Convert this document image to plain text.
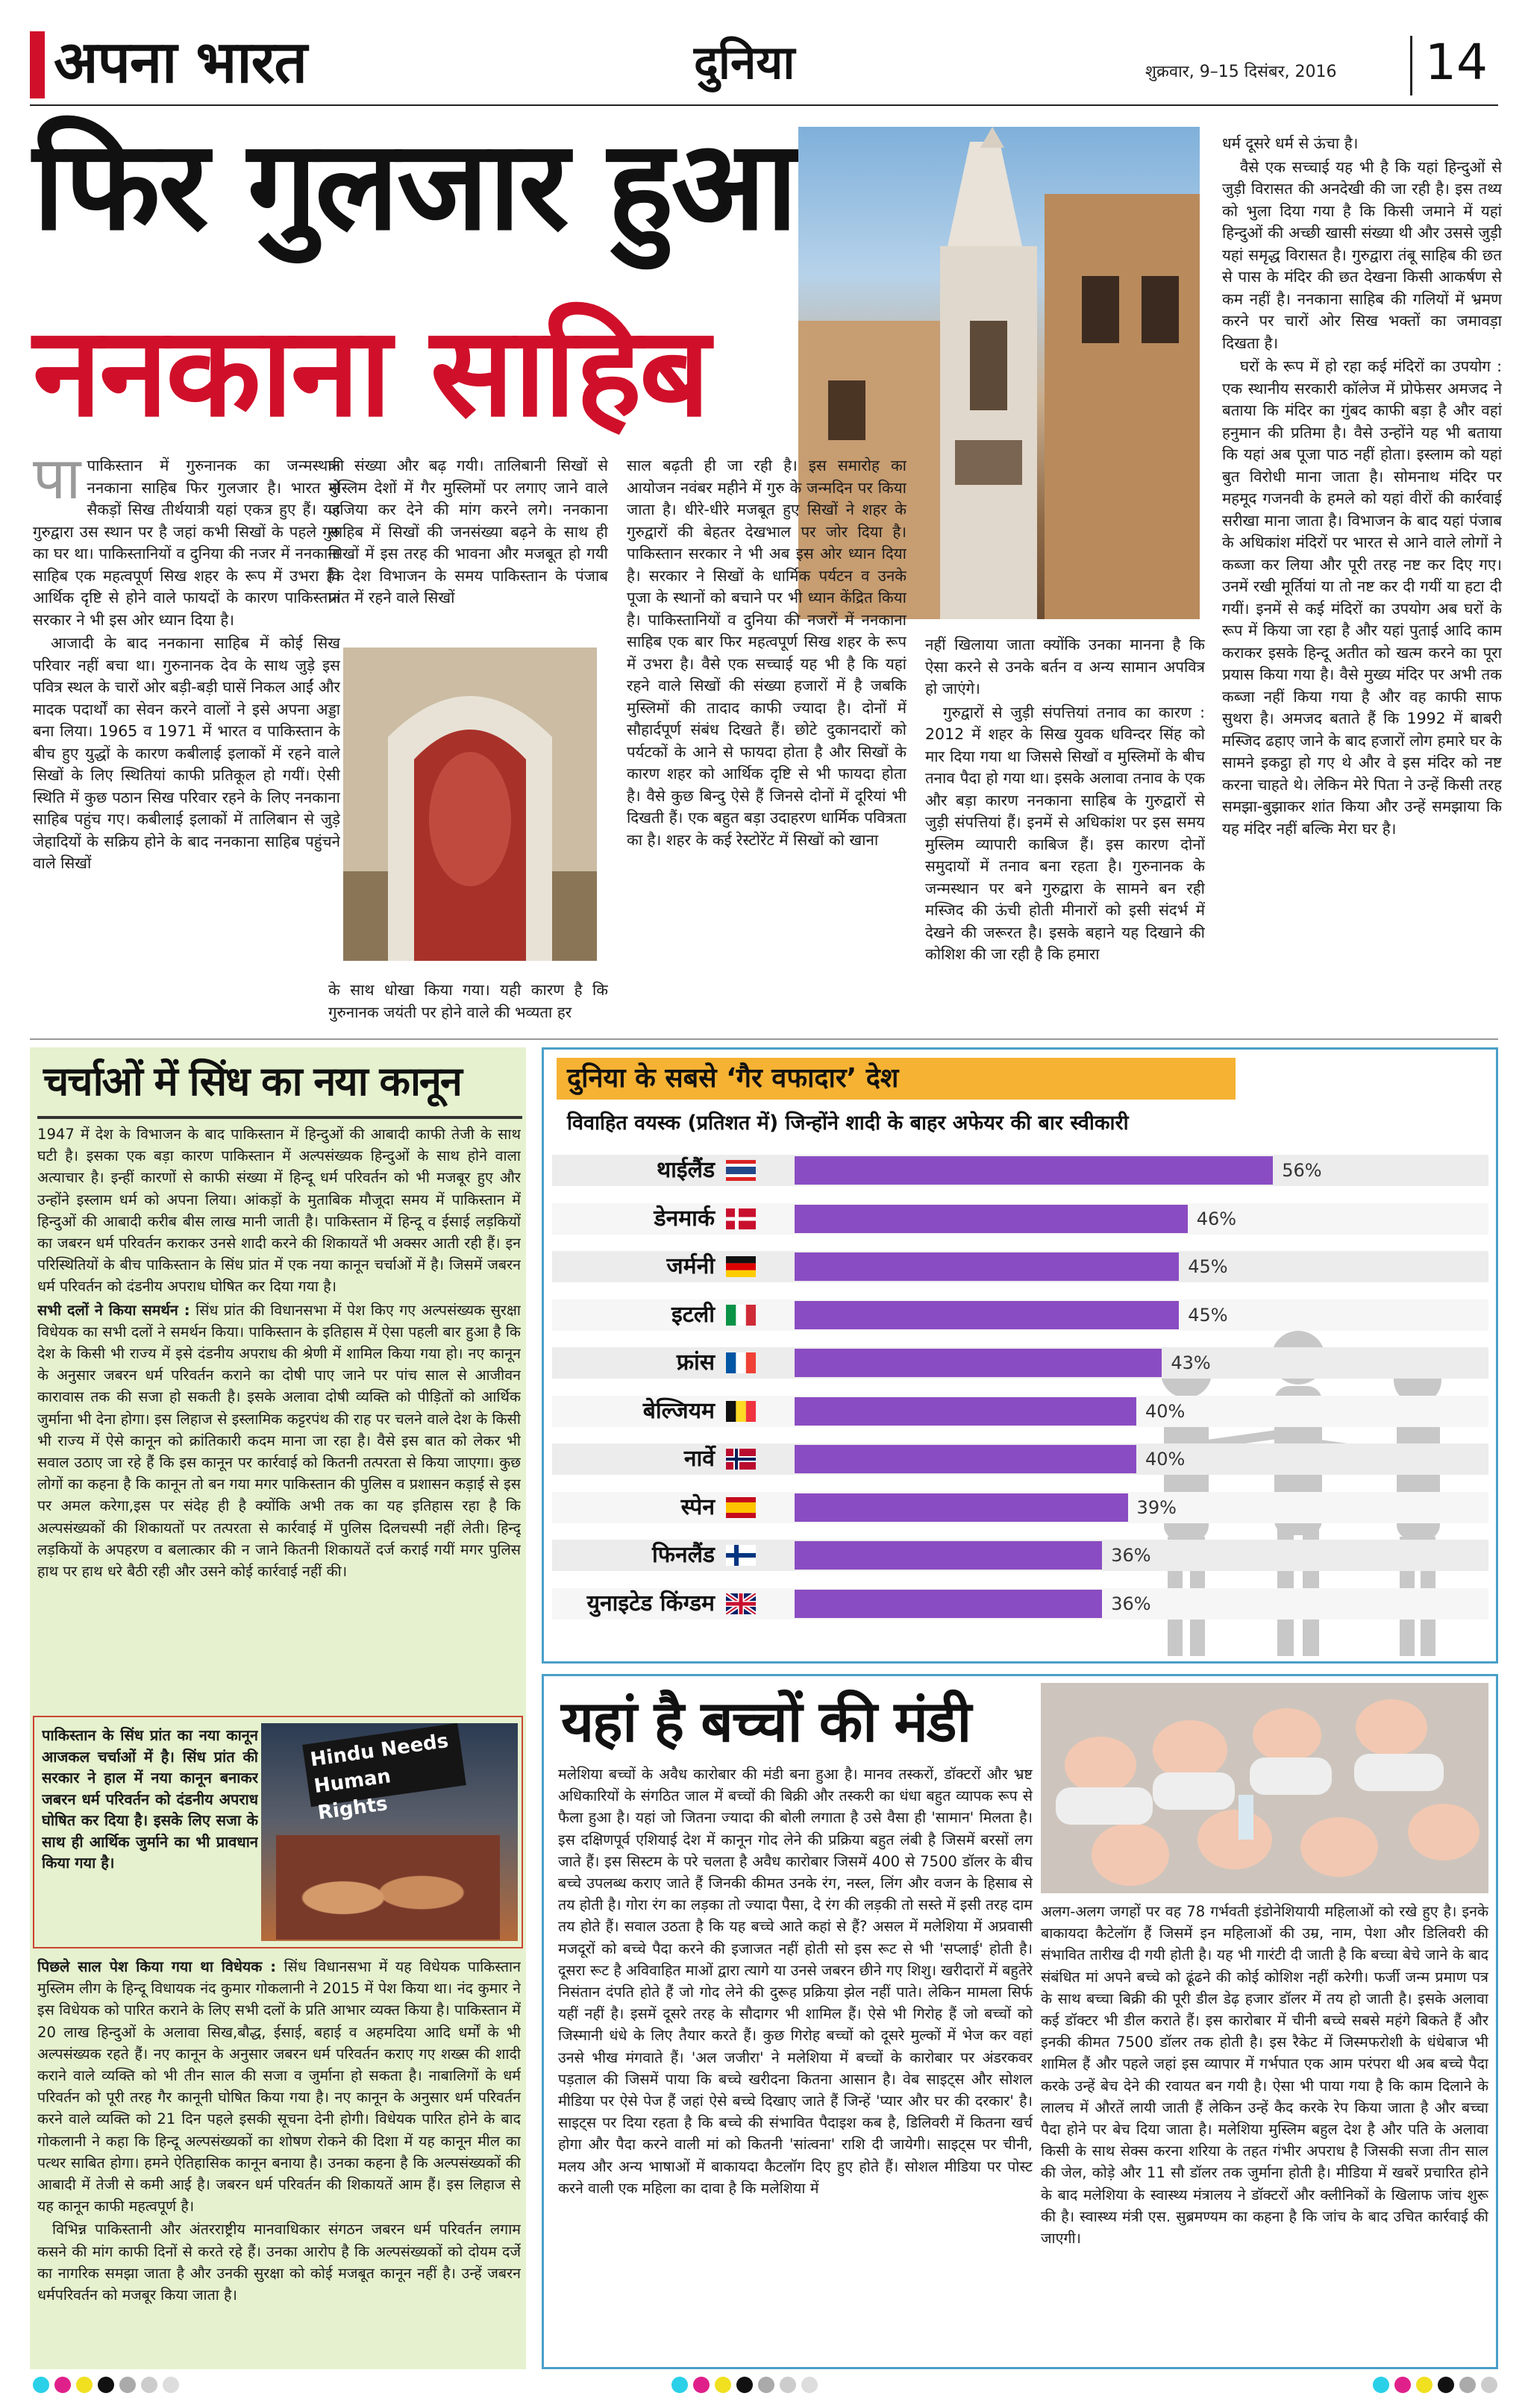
अपना भारत	दुनिया	शुक्रवार, 9–15 दिसंबर, 2016 14
फिर गुलजार हुआ
ननकाना साहिब

पापाकिस्तान में गुरुनानक का जन्मस्थान ननकाना साहिब फिर गुलजार है। भारत से सैकड़ों सिख तीर्थयात्री यहां एकत्र हुए हैं। यह गुरुद्वारा उस स्थान पर है जहां कभी सिखों के पहले गुरु का घर था। पाकिस्तानियों व दुनिया की नजर में ननकाना साहिब एक महत्वपूर्ण सिख शहर के रूप में उभरा है। आर्थिक दृष्टि से होने वाले फायदों के कारण पाकिस्तान सरकार ने भी इस ओर ध्यान दिया है।

आजादी के बाद ननकाना साहिब में कोई सिख परिवार नहीं बचा था। गुरुनानक देव के साथ जुड़े इस पवित्र स्थल के चारों ओर बड़ी-बड़ी घासें निकल आईं और मादक पदार्थों का सेवन करने वालों ने इसे अपना अड्डा बना लिया। 1965 व 1971 में भारत व पाकिस्तान के बीच हुए युद्धों के कारण कबीलाई इलाकों में रहने वाले सिखों के लिए स्थितियां काफी प्रतिकूल हो गयीं। ऐसी स्थिति में कुछ पठान सिख परिवार रहने के लिए ननकाना साहिब पहुंच गए। कबीलाई इलाकों में तालिबान से जुड़े जेहादियों के सक्रिय होने के बाद ननकाना साहिब पहुंचने वाले सिखों

की संख्या और बढ़ गयी। तालिबानी सिखों से मुस्लिम देशों में गैर मुस्लिमों पर लगाए जाने वाले जजिया कर देने की मांग करने लगे। ननकाना साहिब में सिखों की जनसंख्या बढ़ने के साथ ही सिखों में इस तरह की भावना और मजबूत हो गयी कि देश विभाजन के समय पाकिस्तान के पंजाब प्रांत में रहने वाले सिखों
के साथ धोखा किया गया। यही कारण है कि गुरुनानक जयंती पर होने वाले की भव्यता हर
साल बढ़ती ही जा रही है। इस समारोह का आयोजन नवंबर महीने में गुरु के जन्मदिन पर किया जाता है। धीरे-धीरे मजबूत हुए सिखों ने शहर के गुरुद्वारों की बेहतर देखभाल पर जोर दिया है। पाकिस्तान सरकार ने भी अब इस ओर ध्यान दिया है। सरकार ने सिखों के धार्मिक पर्यटन व उनके पूजा के स्थानों को बचाने पर भी ध्यान केंद्रित किया है। पाकिस्तानियों व दुनिया की नजरों में ननकाना साहिब एक बार फिर महत्वपूर्ण सिख शहर के रूप में उभरा है। वैसे एक सच्चाई यह भी है कि यहां रहने वाले सिखों की संख्या हजारों में है जबकि मुस्लिमों की तादाद काफी ज्यादा है। दोनों में सौहार्दपूर्ण संबंध दिखते हैं। छोटे दुकानदारों को पर्यटकों के आने से फायदा होता है और सिखों के कारण शहर को आर्थिक दृष्टि से भी फायदा होता है। वैसे कुछ बिन्दु ऐसे हैं जिनसे दोनों में दूरियां भी दिखती हैं। एक बहुत बड़ा उदाहरण धार्मिक पवित्रता का है। शहर के कई रेस्टोरेंट में सिखों को खाना

नहीं खिलाया जाता क्योंकि उनका मानना है कि ऐसा करने से उनके बर्तन व अन्य सामान अपवित्र हो जाएंगे।

गुरुद्वारों से जुड़ी संपत्तियां तनाव का कारण : 2012 में शहर के सिख युवक धविन्दर सिंह को मार दिया गया था जिससे सिखों व मुस्लिमों के बीच तनाव पैदा हो गया था। इसके अलावा तनाव के एक और बड़ा कारण ननकाना साहिब के गुरुद्वारों से जुड़ी संपत्तियां हैं। इनमें से अधिकांश पर इस समय मुस्लिम व्यापारी काबिज हैं। इस कारण दोनों समुदायों में तनाव बना रहता है। गुरुनानक के जन्मस्थान पर बने गुरुद्वारा के सामने बन रही मस्जिद की ऊंची होती मीनारों को इसी संदर्भ में देखने की जरूरत है। इसके बहाने यह दिखाने की कोशिश की जा रही है कि हमारा

धर्म दूसरे धर्म से ऊंचा है।

वैसे एक सच्चाई यह भी है कि यहां हिन्दुओं से जुड़ी विरासत की अनदेखी की जा रही है। इस तथ्य को भुला दिया गया है कि किसी जमाने में यहां हिन्दुओं की अच्छी खासी संख्या थी और उससे जुड़ी यहां समृद्ध विरासत है। गुरुद्वारा तंबू साहिब की छत से पास के मंदिर की छत देखना किसी आकर्षण से कम नहीं है। ननकाना साहिब की गलियों में भ्रमण करने पर चारों ओर सिख भक्तों का जमावड़ा दिखता है।

घरों के रूप में हो रहा कई मंदिरों का उपयोग : एक स्थानीय सरकारी कॉलेज में प्रोफेसर अमजद ने बताया कि मंदिर का गुंबद काफी बड़ा है और वहां हनुमान की प्रतिमा है। वैसे उन्होंने यह भी बताया कि यहां अब पूजा पाठ नहीं होता। इस्लाम को यहां बुत विरोधी माना जाता है। सोमनाथ मंदिर पर महमूद गजनवी के हमले को यहां वीरों की कार्रवाई सरीखा माना जाता है। विभाजन के बाद यहां पंजाब के अधिकांश मंदिरों पर भारत से आने वाले लोगों ने कब्जा कर लिया और पूरी तरह नष्ट कर दिए गए। उनमें रखी मूर्तियां या तो नष्ट कर दी गयीं या हटा दी गयीं। इनमें से कई मंदिरों का उपयोग अब घरों के रूप में किया जा रहा है और यहां पुताई आदि काम कराकर इसके हिन्दू अतीत को खत्म करने का पूरा प्रयास किया गया है। वैसे मुख्य मंदिर पर अभी तक कब्जा नहीं किया गया है और वह काफी साफ सुथरा है। अमजद बताते हैं कि 1992 में बाबरी मस्जिद ढहाए जाने के बाद हजारों लोग हमारे घर के सामने इकट्ठा हो गए थे और वे इस मंदिर को नष्ट करना चाहते थे। लेकिन मेरे पिता ने उन्हें किसी तरह समझा-बुझाकर शांत किया और उन्हें समझाया कि यह मंदिर नहीं बल्कि मेरा घर है।

चर्चाओं में सिंध का नया कानून

1947 में देश के विभाजन के बाद पाकिस्तान में हिन्दुओं की आबादी काफी तेजी के साथ घटी है। इसका एक बड़ा कारण पाकिस्तान में अल्पसंख्यक हिन्दुओं के साथ होने वाला अत्याचार है। इन्हीं कारणों से काफी संख्या में हिन्दू धर्म परिवर्तन को भी मजबूर हुए और उन्होंने इस्लाम धर्म को अपना लिया। आंकड़ों के मुताबिक मौजूदा समय में पाकिस्तान में हिन्दुओं की आबादी करीब बीस लाख मानी जाती है। पाकिस्तान में हिन्दू व ईसाई लड़कियों का जबरन धर्म परिवर्तन कराकर उनसे शादी करने की शिकायतें भी अक्सर आती रही हैं। इन परिस्थितियों के बीच पाकिस्तान के सिंध प्रांत में एक नया कानून चर्चाओं में है। जिसमें जबरन धर्म परिवर्तन को दंडनीय अपराध घोषित कर दिया गया है।

सभी दलों ने किया समर्थन : सिंध प्रांत की विधानसभा में पेश किए गए अल्पसंख्यक सुरक्षा विधेयक का सभी दलों ने समर्थन किया। पाकिस्तान के इतिहास में ऐसा पहली बार हुआ है कि देश के किसी भी राज्य में इसे दंडनीय अपराध की श्रेणी में शामिल किया गया हो। नए कानून के अनुसार जबरन धर्म परिवर्तन कराने का दोषी पाए जाने पर पांच साल से आजीवन कारावास तक की सजा हो सकती है। इसके अलावा दोषी व्यक्ति को पीड़ितों को आर्थिक जुर्माना भी देना होगा। इस लिहाज से इस्लामिक कट्टरपंथ की राह पर चलने वाले देश के किसी भी राज्य में ऐसे कानून को क्रांतिकारी कदम माना जा रहा है। वैसे इस बात को लेकर भी सवाल उठाए जा रहे हैं कि इस कानून पर कार्रवाई को कितनी तत्परता से किया जाएगा। कुछ लोगों का कहना है कि कानून तो बन गया मगर पाकिस्तान की पुलिस व प्रशासन कड़ाई से इस पर अमल करेगा,इस पर संदेह ही है क्योंकि अभी तक का यह इतिहास रहा है कि अल्पसंख्यकों की शिकायतों पर तत्परता से कार्रवाई में पुलिस दिलचस्पी नहीं लेती। हिन्दू लड़कियों के अपहरण व बलात्कार की न जाने कितनी शिकायतें दर्ज कराई गयीं मगर पुलिस हाथ पर हाथ धरे बैठी रही और उसने कोई कार्रवाई नहीं की।

पाकिस्तान के सिंध प्रांत का नया कानून आजकल चर्चाओं में है। सिंध प्रांत की सरकार ने हाल में नया कानून बनाकर जबरन धर्म परिवर्तन को दंडनीय अपराध घोषित कर दिया है। इसके लिए सजा के साथ ही आर्थिक जुर्माने का भी प्रावधान किया गया है।
Hindu Needs
Human Rights

पिछले साल पेश किया गया था विधेयक : सिंध विधानसभा में यह विधेयक पाकिस्तान मुस्लिम लीग के हिन्दू विधायक नंद कुमार गोकलानी ने 2015 में पेश किया था। नंद कुमार ने इस विधेयक को पारित कराने के लिए सभी दलों के प्रति आभार व्यक्त किया है। पाकिस्तान में 20 लाख हिन्दुओं के अलावा सिख,बौद्ध, ईसाई, बहाई व अहमदिया आदि धर्मों के भी अल्पसंख्यक रहते हैं। नए कानून के अनुसार जबरन धर्म परिवर्तन कराए गए शख्स की शादी कराने वाले व्यक्ति को भी तीन साल की सजा व जुर्माना हो सकता है। नाबालिगों के धर्म परिवर्तन को पूरी तरह गैर कानूनी घोषित किया गया है। नए कानून के अनुसार धर्म परिवर्तन करने वाले व्यक्ति को 21 दिन पहले इसकी सूचना देनी होगी। विधेयक पारित होने के बाद गोकलानी ने कहा कि हिन्दू अल्पसंख्यकों का शोषण रोकने की दिशा में यह कानून मील का पत्थर साबित होगा। हमने ऐतिहासिक कानून बनाया है। उनका कहना है कि अल्पसंख्यकों की आबादी में तेजी से कमी आई है। जबरन धर्म परिवर्तन की शिकायतें आम हैं। इस लिहाज से यह कानून काफी महत्वपूर्ण है।

विभिन्न पाकिस्तानी और अंतरराष्ट्रीय मानवाधिकार संगठन जबरन धर्म परिवर्तन लगाम कसने की मांग काफी दिनों से करते रहे हैं। उनका आरोप है कि अल्पसंख्यकों को दोयम दर्जे का नागरिक समझा जाता है और उनकी सुरक्षा को कोई मजबूत कानून नहीं है। उन्हें जबरन धर्मपरिवर्तन को मजबूर किया जाता है।

दुनिया के सबसे ‘गैर वफादार’ देश
विवाहित वयस्क (प्रतिशत में) जिन्होंने शादी के बाहर अफेयर की बार स्वीकारी
थाईलैंड	56%
डेनमार्क	46%
जर्मनी	45%
इटली	45%
फ्रांस	43%
बेल्जियम	40%
नार्वे	40%
स्पेन	39%
फिनलैंड	36%
युनाइटेड किंग्डम	36%
यहां है बच्चों की मंडी
मलेशिया बच्चों के अवैध कारोबार की मंडी बना हुआ है। मानव तस्करों, डॉक्टरों और भ्रष्ट अधिकारियों के संगठित जाल में बच्चों की बिक्री और तस्करी का धंधा बहुत व्यापक रूप से फैला हुआ है। यहां जो जितना ज्यादा की बोली लगाता है उसे वैसा ही 'सामान' मिलता है। इस दक्षिणपूर्व एशियाई देश में कानून गोद लेने की प्रक्रिया बहुत लंबी है जिसमें बरसों लग जाते हैं। इस सिस्टम के परे चलता है अवैध कारोबार जिसमें 400 से 7500 डॉलर के बीच बच्चे उपलब्ध कराए जाते हैं जिनकी कीमत उनके रंग, नस्ल, लिंग और वजन के हिसाब से तय होती है। गोरा रंग का लड़का तो ज्यादा पैसा, दे रंग की लड़की तो सस्ते में इसी तरह दाम तय होते हैं। सवाल उठता है कि यह बच्चे आते कहां से हैं? असल में मलेशिया में अप्रवासी मजदूरों को बच्चे पैदा करने की इजाजत नहीं होती सो इस रूट से भी 'सप्लाई' होती है। दूसरा रूट है अविवाहित माओं द्वारा त्यागे या उनसे जबरन छीने गए शिशु। खरीदारों में बहुतेरे निसंतान दंपति होते हैं जो गोद लेने की दुरूह प्रक्रिया झेल नहीं पाते। लेकिन मामला सिर्फ यहीं नहीं है। इसमें दूसरे तरह के सौदागर भी शामिल हैं। ऐसे भी गिरोह हैं जो बच्चों को जिस्मानी धंधे के लिए तैयार करते हैं। कुछ गिरोह बच्चों को दूसरे मुल्कों में भेज कर वहां उनसे भीख मंगवाते हैं। 'अल जजीरा' ने मलेशिया में बच्चों के कारोबार पर अंडरकवर पड़ताल की जिसमें पाया कि बच्चे खरीदना कितना आसान है। वेब साइट्स और सोशल मीडिया पर ऐसे पेज हैं जहां ऐसे बच्चे दिखाए जाते हैं जिन्हें 'प्यार और घर की दरकार' है। साइट्स पर दिया रहता है कि बच्चे की संभावित पैदाइश कब है, डिलिवरी में कितना खर्च होगा और पैदा करने वाली मां को कितनी 'सांत्वना' राशि दी जायेगी। साइट्स पर चीनी, मलय और अन्य भाषाओं में बाकायदा कैटलॉग दिए हुए होते हैं। सोशल मीडिया पर पोस्ट करने वाली एक महिला का दावा है कि मलेशिया में
अलग-अलग जगहों पर वह 78 गर्भवती इंडोनेशियायी महिलाओं को रखे हुए है। इनके बाकायदा कैटेलॉग हैं जिसमें इन महिलाओं की उम्र, नाम, पेशा और डिलिवरी की संभावित तारीख दी गयी होती है। यह भी गारंटी दी जाती है कि बच्चा बेचे जाने के बाद संबंधित मां अपने बच्चे को ढूंढने की कोई कोशिश नहीं करेगी। फर्जी जन्म प्रमाण पत्र के साथ बच्चा बिक्री की पूरी डील डेढ़ हजार डॉलर में तय हो जाती है। इसके अलावा कई डॉक्टर भी डील कराते हैं। इस कारोबार में चीनी बच्चे सबसे महंगे बिकते हैं और इनकी कीमत 7500 डॉलर तक होती है। इस रैकेट में जिस्मफरोशी के धंधेबाज भी शामिल हैं और पहले जहां इस व्यापार में गर्भपात एक आम परंपरा थी अब बच्चे पैदा करके उन्हें बेच देने की रवायत बन गयी है। ऐसा भी पाया गया है कि काम दिलाने के लालच में औरतें लायी जाती हैं लेकिन उन्हें कैद करके रेप किया जाता है और बच्चा पैदा होने पर बेच दिया जाता है। मलेशिया मुस्लिम बहुल देश है और पति के अलावा किसी के साथ सेक्स करना शरिया के तहत गंभीर अपराध है जिसकी सजा तीन साल की जेल, कोड़े और 11 सौ डॉलर तक जुर्माना होती है। मीडिया में खबरें प्रचारित होने के बाद मलेशिया के स्वास्थ्य मंत्रालय ने डॉक्टरों और क्लीनिकों के खिलाफ जांच शुरू की है। स्वास्थ्य मंत्री एस. सुब्रमण्यम का कहना है कि जांच के बाद उचित कार्रवाई की जाएगी।
